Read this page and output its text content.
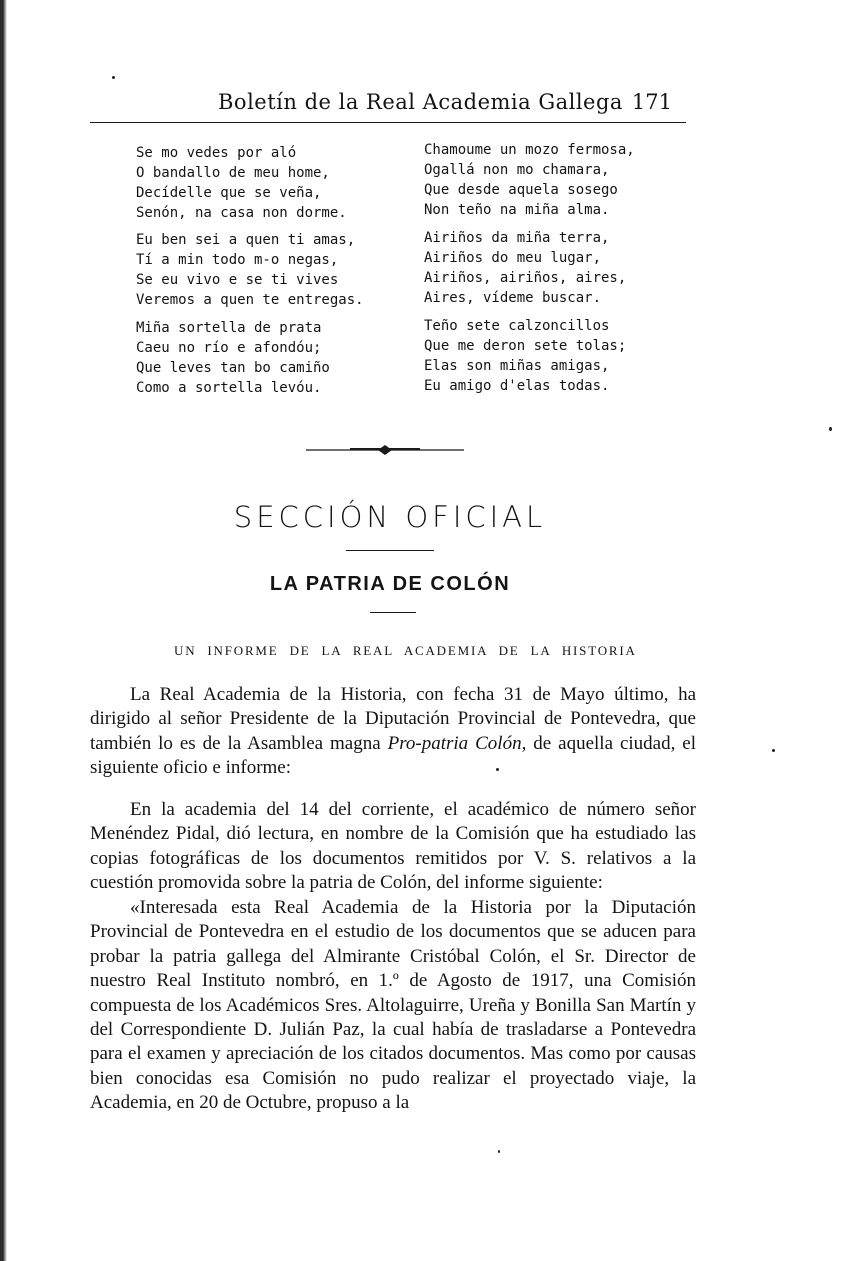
Boletín de la Real Academia Gallega 171
Se mo vedes por aló
O bandallo de meu home,
Decídelle que se veña,
Senón, na casa non dorme.
Eu ben sei a quen ti amas,
Tí a min todo m-o negas,
Se eu vivo e se ti vives
Veremos a quen te entregas.
Miña sortella de prata
Caeu no río e afondóu;
Que leves tan bo camiño
Como a sortella levóu.
Chamoume un mozo fermosa,
Ogallá non mo chamara,
Que desde aquela sosego
Non teño na miña alma.
Airiños da miña terra,
Airiños do meu lugar,
Airiños, airiños, aires,
Aires, vídeme buscar.
Teño sete calzoncillos
Que me deron sete tolas;
Elas son miñas amigas,
Eu amigo d'elas todas.
SECCIÓN OFICIAL
LA PATRIA DE COLÓN
UN INFORME DE LA REAL ACADEMIA DE LA HISTORIA

La Real Academia de la Historia, con fecha 31 de Mayo último, ha dirigido al señor Presidente de la Diputación Provincial de Pontevedra, que también lo es de la Asamblea magna Pro-patria Colón, de aquella ciudad, el siguiente oficio e informe:

En la academia del 14 del corriente, el académico de número señor Menéndez Pidal, dió lectura, en nombre de la Comisión que ha estudiado las copias fotográficas de los documentos remitidos por V. S. relativos a la cuestión promovida sobre la patria de Colón, del informe siguiente:

«Interesada esta Real Academia de la Historia por la Diputación Provincial de Pontevedra en el estudio de los documentos que se aducen para probar la patria gallega del Almirante Cristóbal Colón, el Sr. Director de nuestro Real Instituto nombró, en 1.º de Agosto de 1917, una Comisión compuesta de los Académicos Sres. Altolaguirre, Ureña y Bonilla San Martín y del Correspondiente D. Julián Paz, la cual había de trasladarse a Pontevedra para el examen y apreciación de los citados documentos. Mas como por causas bien conocidas esa Comisión no pudo realizar el proyectado viaje, la Academia, en 20 de Octubre, propuso a la
